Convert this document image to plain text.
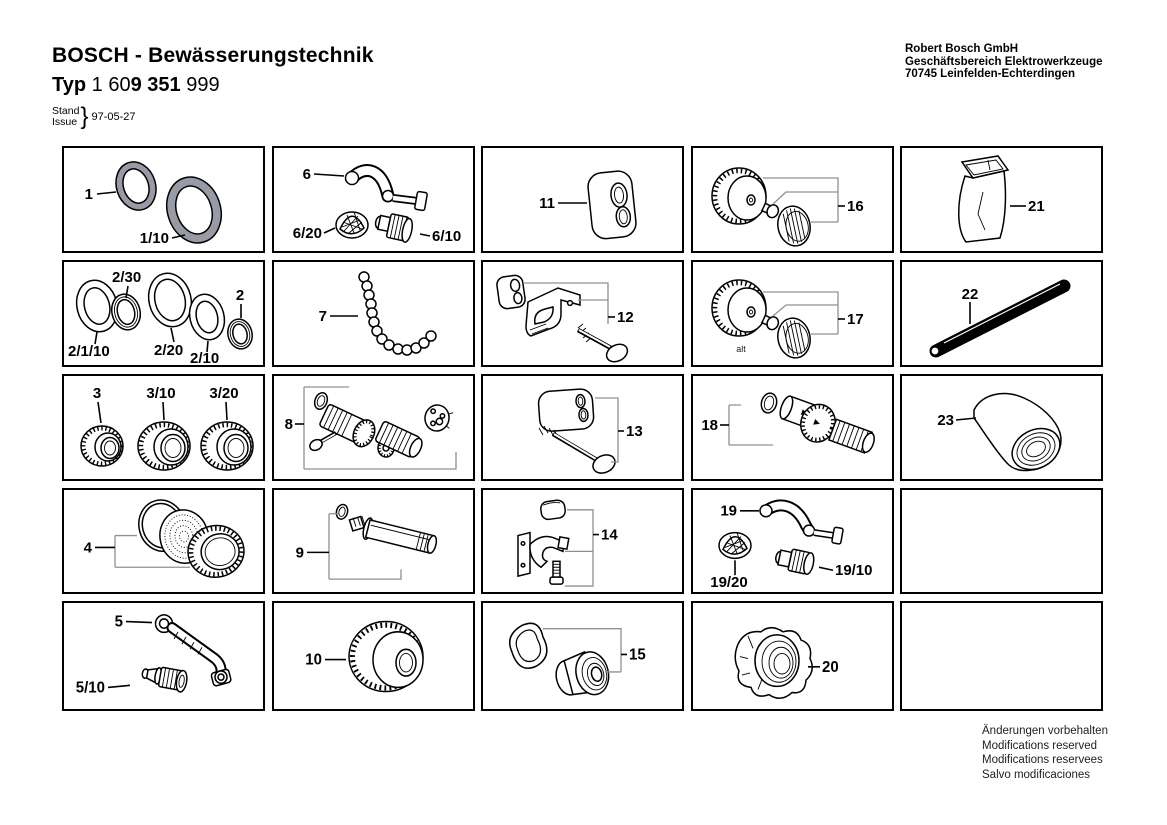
BOSCH - Bewässerungstechnik
Typ 1 609 351 999
Stand
Issue } 97-05-27
Robert Bosch GmbH
Geschäftsbereich Elektrowerkzeuge
70745 Leinfelden-Echterdingen
1
1/10
6
6/20	6/10
11	16	21
2/1/10
2/30
2/20 2/10
2
7	12
alt
17
22
3	3/10 3/20
8	13	18	23
4	9
14
19
19/20
19/10
5
5/10
10	15
20
Änderungen vorbehalten
Modifications reserved
Modifications reservees
Salvo modificaciones
